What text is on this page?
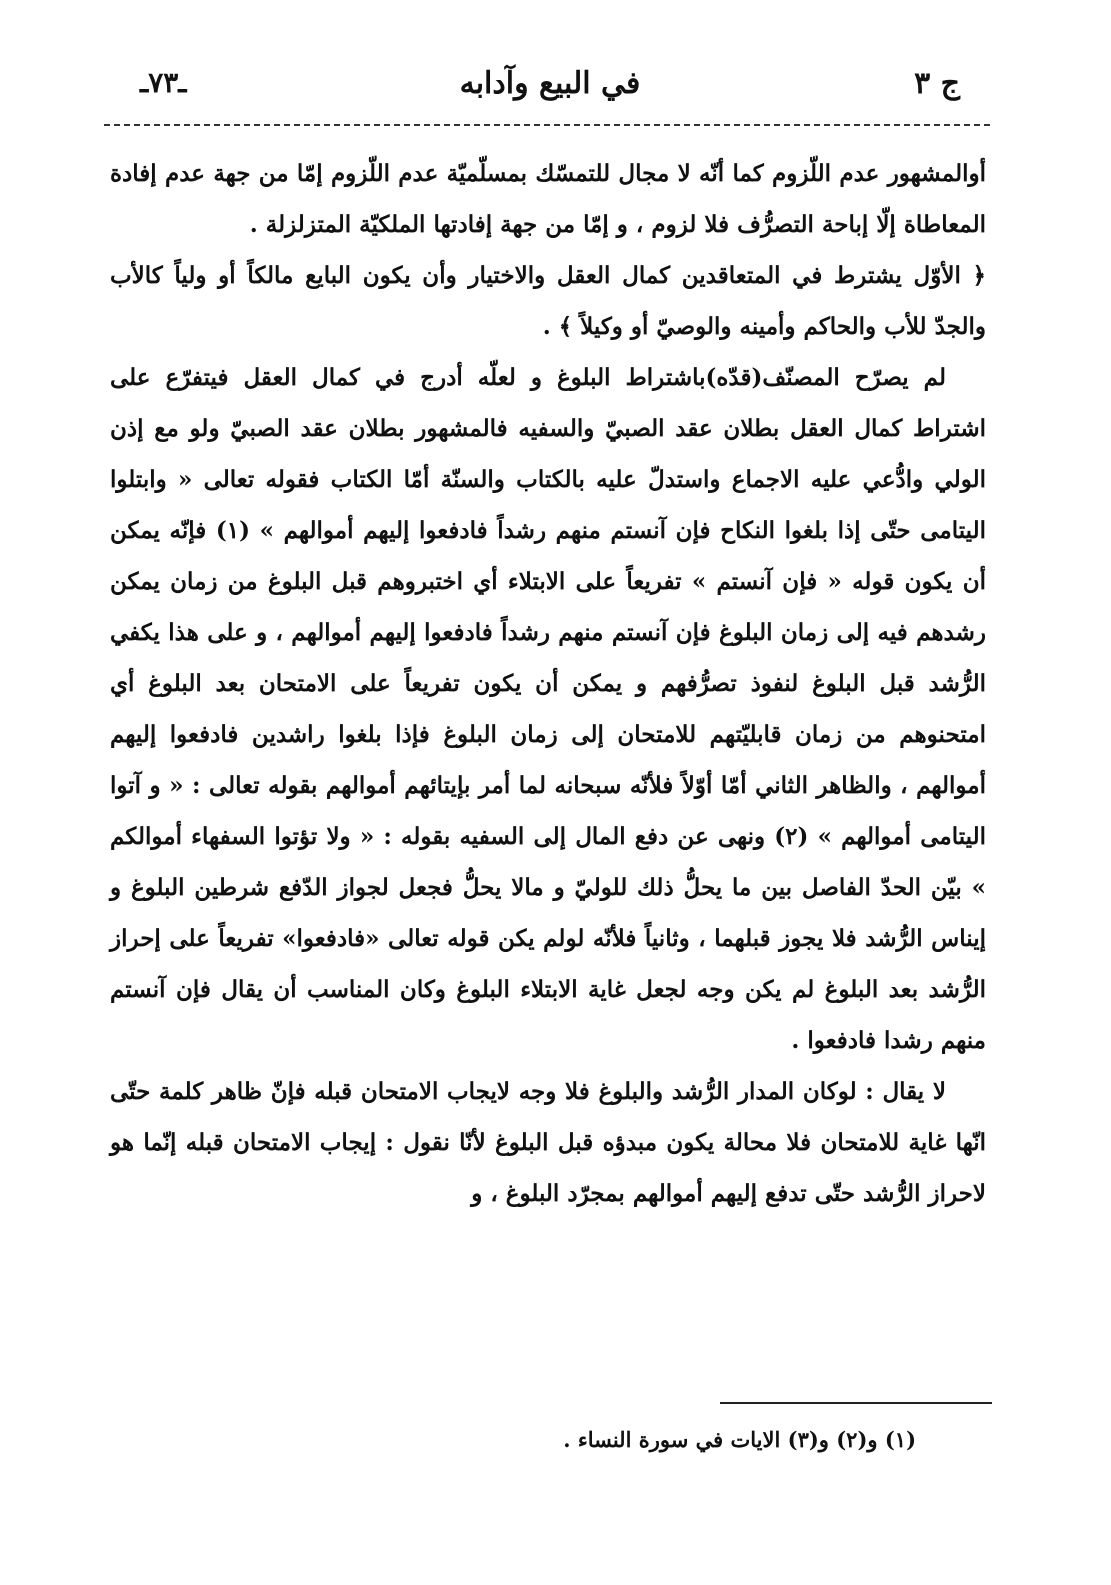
ج ٣
في البيع وآدابه
ـ٧٣ـ

أوالمشهور عدم اللّزوم كما أنّه لا مجال للتمسّك بمسلّميّة عدم اللّزوم إمّا من جهة عدم إفادة المعاطاة إلّا إباحة التصرُّف فلا لزوم ، و إمّا من جهة إفادتها الملكيّة المتزلزلة .

﴿ الأوّل يشترط في المتعاقدين كمال العقل والاختيار وأن يكون البايع مالكاً أو ولياً كالأب والجدّ للأب والحاكم وأمينه والوصيّ أو وكيلاً ﴾ .

لم يصرّح المصنّف(قدّه)باشتراط البلوغ و لعلّه أدرج في كمال العقل فيتفرّع على اشتراط كمال العقل بطلان عقد الصبيّ والسفيه فالمشهور بطلان عقد الصبيّ ولو مع إذن الولي وادُّعي عليه الاجماع واستدلّ عليه بالكتاب والسنّة أمّا الكتاب فقوله تعالى « وابتلوا اليتامى حتّى إذا بلغوا النكاح فإن آنستم منهم رشداً فادفعوا إليهم أموالهم » (١) فإنّه يمكن أن يكون قوله « فإن آنستم » تفريعاً على الابتلاء أي اختبروهم قبل البلوغ من زمان يمكن رشدهم فيه إلى زمان البلوغ فإن آنستم منهم رشداً فادفعوا إليهم أموالهم ، و على هذا يكفي الرُّشد قبل البلوغ لنفوذ تصرُّفهم و يمكن أن يكون تفريعاً على الامتحان بعد البلوغ أي امتحنوهم من زمان قابليّتهم للامتحان إلى زمان البلوغ فإذا بلغوا راشدين فادفعوا إليهم أموالهم ، والظاهر الثاني أمّا أوّلاً فلأنّه سبحانه لما أمر بإيتائهم أموالهم بقوله تعالى : « و آتوا اليتامى أموالهم » (٢) ونهى عن دفع المال إلى السفيه بقوله : « ولا تؤتوا السفهاء أموالكم » بيّن الحدّ الفاصل بين ما يحلُّ ذلك للوليّ و مالا يحلُّ فجعل لجواز الدّفع شرطين البلوغ و إيناس الرُّشد فلا يجوز قبلهما ، وثانياً فلأنّه لولم يكن قوله تعالى «فادفعوا» تفريعاً على إحراز الرُّشد بعد البلوغ لم يكن وجه لجعل غاية الابتلاء البلوغ وكان المناسب أن يقال فإن آنستم منهم رشدا فادفعوا .

لا يقال : لوكان المدار الرُّشد والبلوغ فلا وجه لايجاب الامتحان قبله فإنّ ظاهر كلمة حتّى انّها غاية للامتحان فلا محالة يكون مبدؤه قبل البلوغ لأنّا نقول : إيجاب الامتحان قبله إنّما هو لاحراز الرُّشد حتّى تدفع إليهم أموالهم بمجرّد البلوغ ، و

(١) و(٢) و(٣) الايات في سورة النساء .
